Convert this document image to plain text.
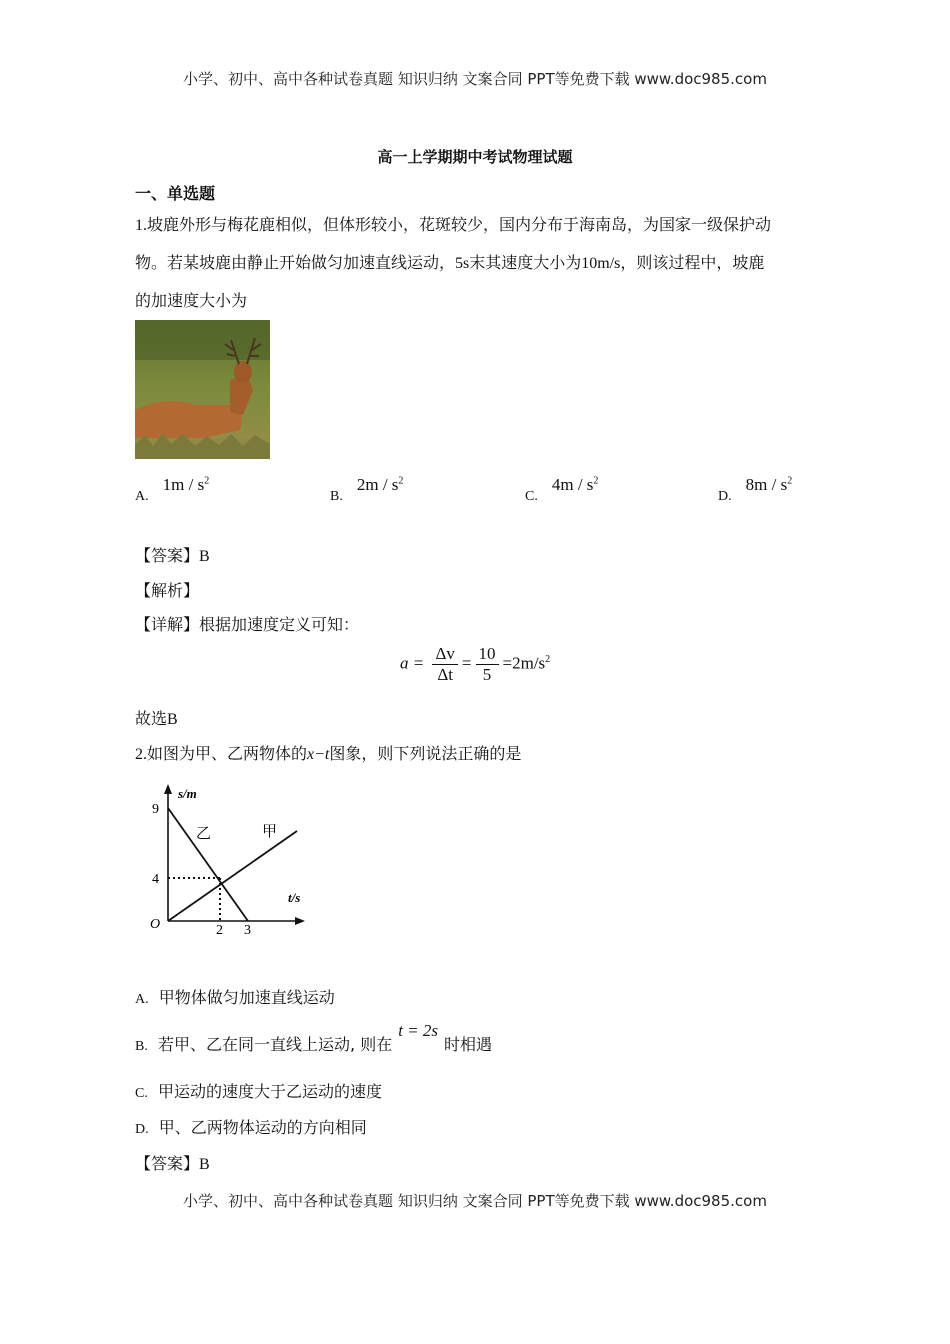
小学、初中、高中各种试卷真题 知识归纳 文案合同 PPT等免费下载 www.doc985.com
高一上学期期中考试物理试题
一、单选题
1.坡鹿外形与梅花鹿相似，但体形较小，花斑较少，国内分布于海南岛，为国家一级保护动
物。若某坡鹿由静止开始做匀加速直线运动，5s末其速度大小为10m/s，则该过程中，坡鹿
的加速度大小为
$A.1m / s^2$
$B.2m / s^2$
$C.4m / s^2$
$D.8m / s^2$
【答案】B
【解析】
【详解】根据加速度定义可知：
$a = \frac{\Delta v}{\Delta t} = \frac{10}{5} =2m/s^2$
故选B
2.如图为甲、乙两物体的x−t图象，则下列说法正确的是
s/m
t/s
O
9
4
2 3
乙	甲
A. 甲物体做匀加速直线运动
B. 若甲、乙在同一直线上运动, 则在t = 2s时相遇
C. 甲运动的速度大于乙运动的速度
D. 甲、乙两物体运动的方向相同
【答案】B
小学、初中、高中各种试卷真题 知识归纳 文案合同 PPT等免费下载 www.doc985.com
